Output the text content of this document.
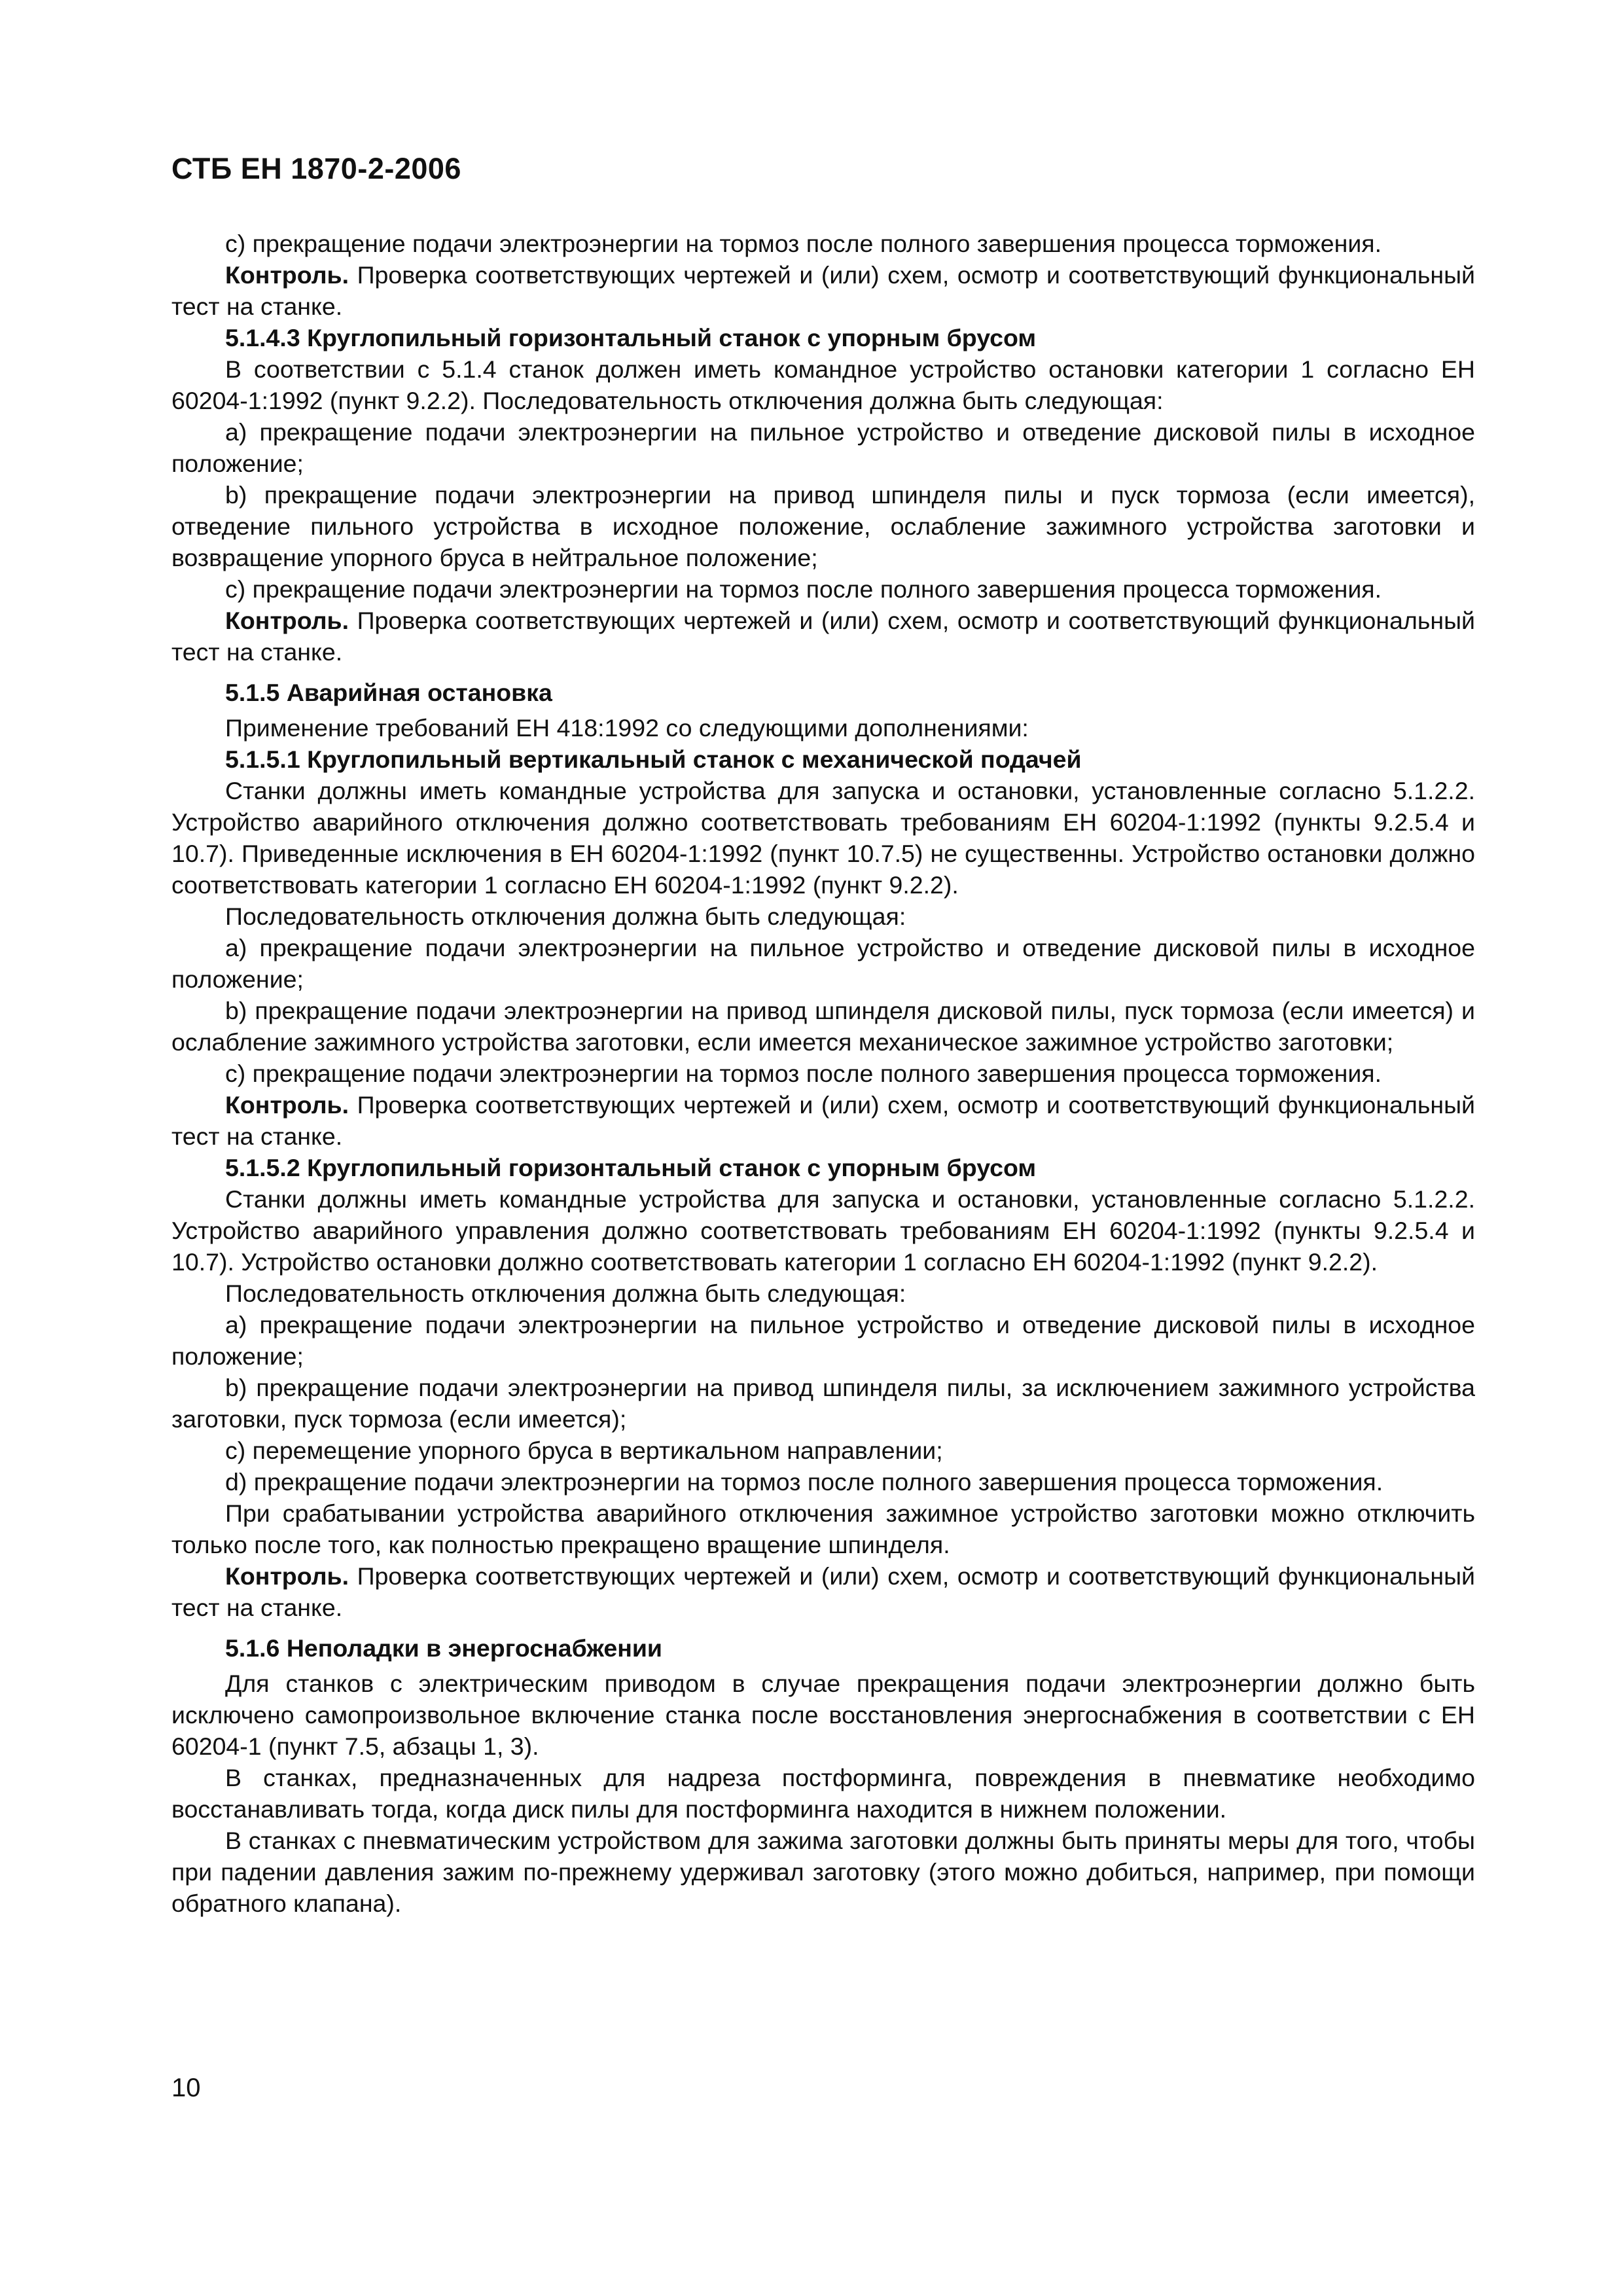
СТБ ЕН 1870-2-2006

с) прекращение подачи электроэнергии на тормоз после полного завершения процесса торможения.

Контроль. Проверка соответствующих чертежей и (или) схем, осмотр и соответствующий функциональный тест на станке.

5.1.4.3 Круглопильный горизонтальный станок с упорным брусом

В соответствии с 5.1.4 станок должен иметь командное устройство остановки категории 1 согласно ЕН 60204-1:1992 (пункт 9.2.2). Последовательность отключения должна быть следующая:

а) прекращение подачи электроэнергии на пильное устройство и отведение дисковой пилы в исходное положение;

b) прекращение подачи электроэнергии на привод шпинделя пилы и пуск тормоза (если имеется), отведение пильного устройства в исходное положение, ослабление зажимного устройства заготовки и возвращение упорного бруса в нейтральное положение;

с) прекращение подачи электроэнергии на тормоз после полного завершения процесса торможения.

Контроль. Проверка соответствующих чертежей и (или) схем, осмотр и соответствующий функциональный тест на станке.

5.1.5 Аварийная остановка

Применение требований ЕН 418:1992 со следующими дополнениями:

5.1.5.1 Круглопильный вертикальный станок с механической подачей

Станки должны иметь командные устройства для запуска и остановки, установленные согласно 5.1.2.2. Устройство аварийного отключения должно соответствовать требованиям ЕН 60204-1:1992 (пункты 9.2.5.4 и 10.7). Приведенные исключения в ЕН 60204-1:1992 (пункт 10.7.5) не существенны. Устройство остановки должно соответствовать категории 1 согласно ЕН 60204-1:1992 (пункт 9.2.2).

Последовательность отключения должна быть следующая:

а) прекращение подачи электроэнергии на пильное устройство и отведение дисковой пилы в исходное положение;

b) прекращение подачи электроэнергии на привод шпинделя дисковой пилы, пуск тормоза (если имеется) и ослабление зажимного устройства заготовки, если имеется механическое зажимное устройство заготовки;

с) прекращение подачи электроэнергии на тормоз после полного завершения процесса торможения.

Контроль. Проверка соответствующих чертежей и (или) схем, осмотр и соответствующий функциональный тест на станке.

5.1.5.2 Круглопильный горизонтальный станок с упорным брусом

Станки должны иметь командные устройства для запуска и остановки, установленные согласно 5.1.2.2. Устройство аварийного управления должно соответствовать требованиям ЕН 60204-1:1992 (пункты 9.2.5.4 и 10.7). Устройство остановки должно соответствовать категории 1 согласно ЕН 60204-1:1992 (пункт 9.2.2).

Последовательность отключения должна быть следующая:

а) прекращение подачи электроэнергии на пильное устройство и отведение дисковой пилы в исходное положение;

b) прекращение подачи электроэнергии на привод шпинделя пилы, за исключением зажимного устройства заготовки, пуск тормоза (если имеется);

с) перемещение упорного бруса в вертикальном направлении;

d) прекращение подачи электроэнергии на тормоз после полного завершения процесса торможения.

При срабатывании устройства аварийного отключения зажимное устройство заготовки можно отключить только после того, как полностью прекращено вращение шпинделя.

Контроль. Проверка соответствующих чертежей и (или) схем, осмотр и соответствующий функциональный тест на станке.

5.1.6 Неполадки в энергоснабжении

Для станков с электрическим приводом в случае прекращения подачи электроэнергии должно быть исключено самопроизвольное включение станка после восстановления энергоснабжения в соответствии с ЕН 60204-1 (пункт 7.5, абзацы 1, 3).

В станках, предназначенных для надреза постформинга, повреждения в пневматике необходимо восстанавливать тогда, когда диск пилы для постформинга находится в нижнем положении.

В станках с пневматическим устройством для зажима заготовки должны быть приняты меры для того, чтобы при падении давления зажим по-прежнему удерживал заготовку (этого можно добиться, например, при помощи обратного клапана).

10
